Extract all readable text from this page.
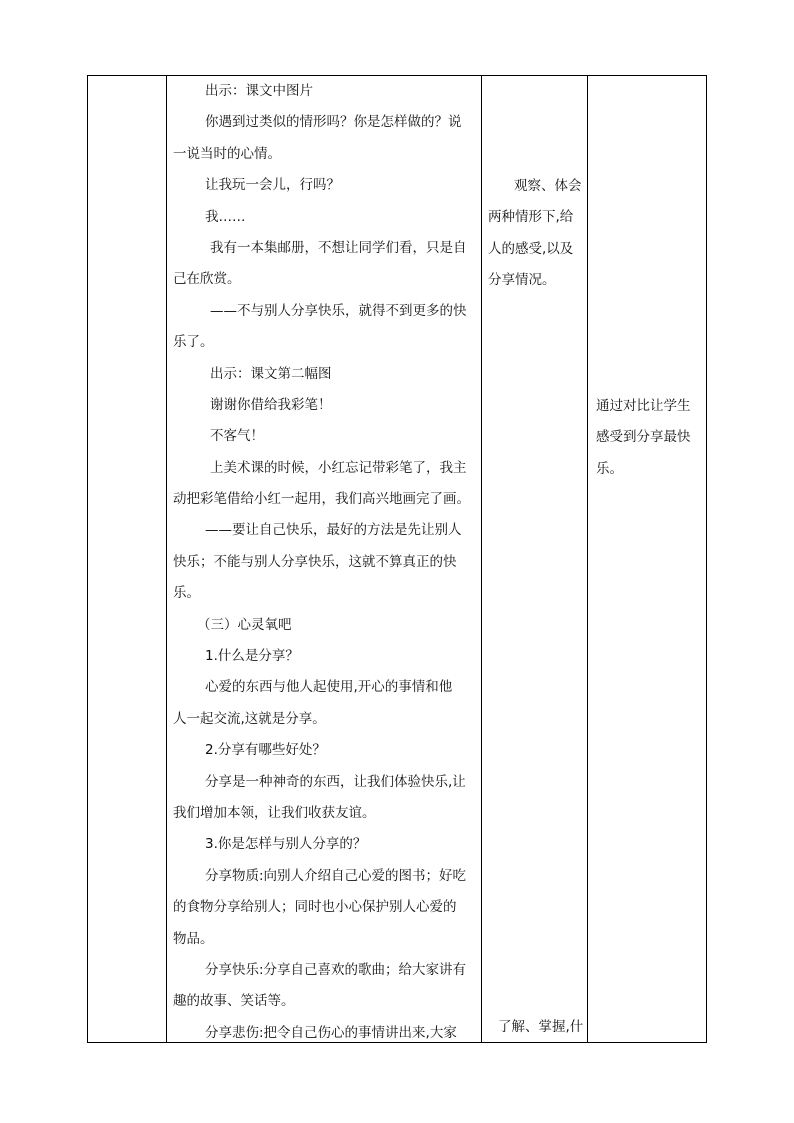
出示：课文中图片
你遇到过类似的情形吗？你是怎样做的？说
一说当时的心情。
让我玩一会儿，行吗？
我……
我有一本集邮册，不想让同学们看，只是自
己在欣赏。
——不与别人分享快乐，就得不到更多的快
乐了。
出示：课文第二幅图
谢谢你借给我彩笔！
不客气！
上美术课的时候，小红忘记带彩笔了，我主
动把彩笔借给小红一起用，我们高兴地画完了画。
——要让自己快乐，最好的方法是先让别人
快乐；不能与别人分享快乐，这就不算真正的快
乐。
（三）心灵氧吧
1.什么是分享？
心爱的东西与他人起使用,开心的事情和他
人一起交流,这就是分享。
2.分享有哪些好处？
分享是一种神奇的东西，让我们体验快乐,让
我们增加本领，让我们收获友谊。
3.你是怎样与别人分享的？
分享物质:向别人介绍自己心爱的图书；好吃
的食物分享给别人；同时也小心保护别人心爱的
物品。
分享快乐:分享自己喜欢的歌曲；给大家讲有
趣的故事、笑话等。
分享悲伤:把令自己伤心的事情讲出来,大家
观察、体会
两种情形下,给
人的感受,以及
分享情况。
了解、掌握,什
通过对比让学生
感受到分享最快
乐。
